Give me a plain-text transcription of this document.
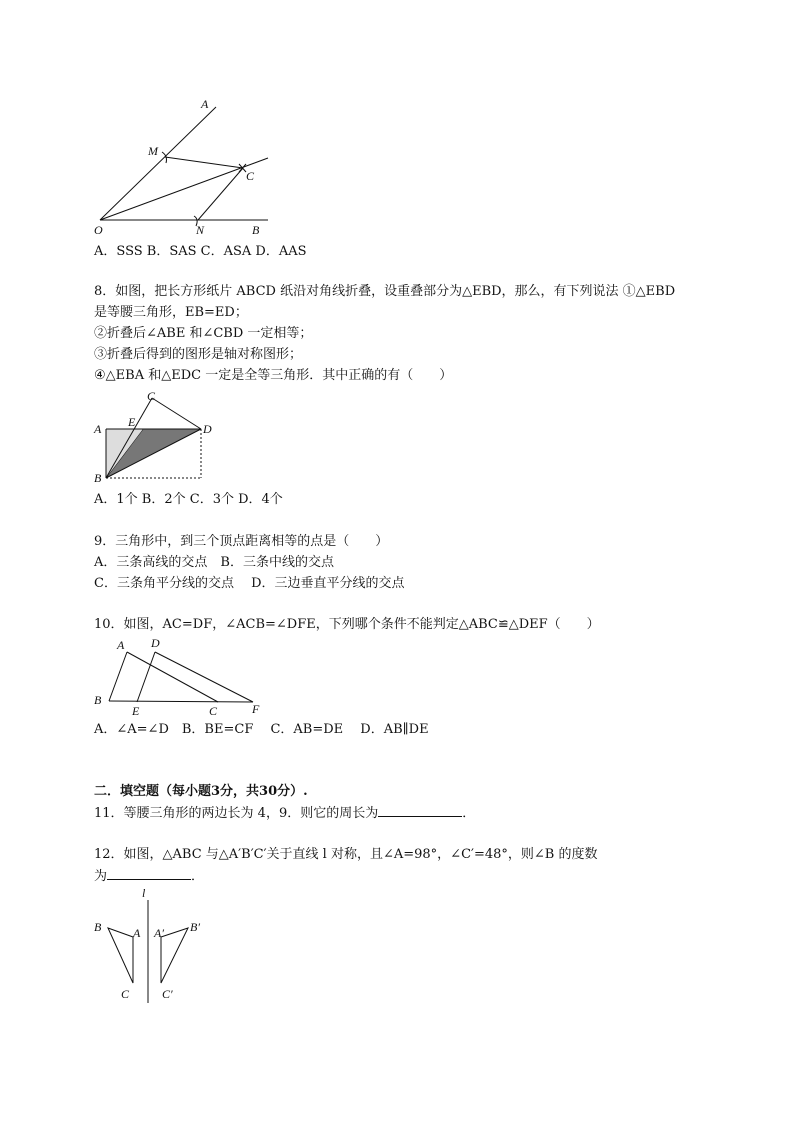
A
M
C
O	N	B
A．SSS B．SAS C．ASA D．AAS
8．如图，把长方形纸片 ABCD 纸沿对角线折叠，设重叠部分为△EBD，那么，有下列说法 ①△EBD
是等腰三角形，EB=ED；
②折叠后∠ABE 和∠CBD 一定相等；
③折叠后得到的图形是轴对称图形；
④△EBA 和△EDC 一定是全等三角形．其中正确的有（　　）
A E
C
D
B
A．1个 B．2个 C．3个 D．4个
9．三角形中，到三个顶点距离相等的点是（　　）
A．三条高线的交点　B．三条中线的交点
C．三条角平分线的交点　 D．三边垂直平分线的交点
10．如图，AC=DF，∠ACB=∠DFE，下列哪个条件不能判定△ABC≌△DEF（　　）
A D
B
E	C	F
A．∠A=∠D　B．BE=CF　 C．AB=DE　 D．AB∥DE
二．填空题（每小题3分，共30分）.
11．等腰三角形的两边长为 4，9．则它的周长为	．
12．如图，△ABC 与△A′B′C′关于直线 l 对称，且∠A=98°，∠C′=48°，则∠B 的度数
为	．
l
B	A
C
A′ B′
C′
